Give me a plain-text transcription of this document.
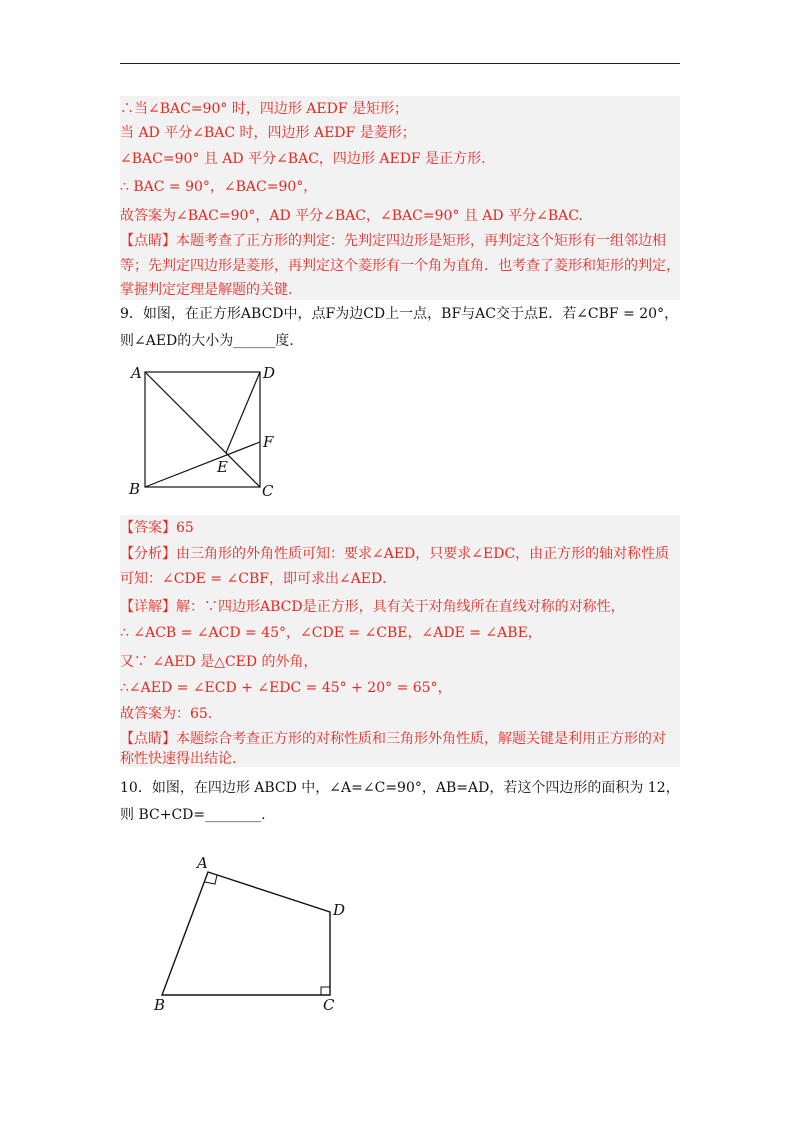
∴当∠BAC=90° 时，四边形 AEDF 是矩形；
当 AD 平分∠BAC 时，四边形 AEDF 是菱形；
∠BAC=90° 且 AD 平分∠BAC，四边形 AEDF 是正方形.
∴ BAC = 90°，∠BAC=90°，
故答案为∠BAC=90°，AD 平分∠BAC，∠BAC=90° 且 AD 平分∠BAC.
【点睛】本题考查了正方形的判定：先判定四边形是矩形，再判定这个矩形有一组邻边相
等；先判定四边形是菱形，再判定这个菱形有一个角为直角．也考查了菱形和矩形的判定，
掌握判定定理是解题的关键.
9．如图，在正方形ABCD中，点F为边CD上一点，BF与AC交于点E．若∠CBF = 20°，
则∠AED的大小为______度.
A	D
F
E
B	C
【答案】65
【分析】由三角形的外角性质可知：要求∠AED，只要求∠EDC，由正方形的轴对称性质
可知：∠CDE = ∠CBF，即可求出∠AED．
【详解】解：∵四边形ABCD是正方形，具有关于对角线所在直线对称的对称性，
∴ ∠ACB = ∠ACD = 45°，∠CDE = ∠CBE，∠ADE = ∠ABE，
又∵ ∠AED 是△CED 的外角，
∴∠AED = ∠ECD + ∠EDC = 45° + 20° = 65°，
故答案为：65.
【点睛】本题综合考查正方形的对称性质和三角形外角性质，解题关键是利用正方形的对
称性快速得出结论.
10．如图，在四边形 ABCD 中，∠A=∠C=90°，AB=AD，若这个四边形的面积为 12，
则 BC+CD=________.
A
D
B	C
